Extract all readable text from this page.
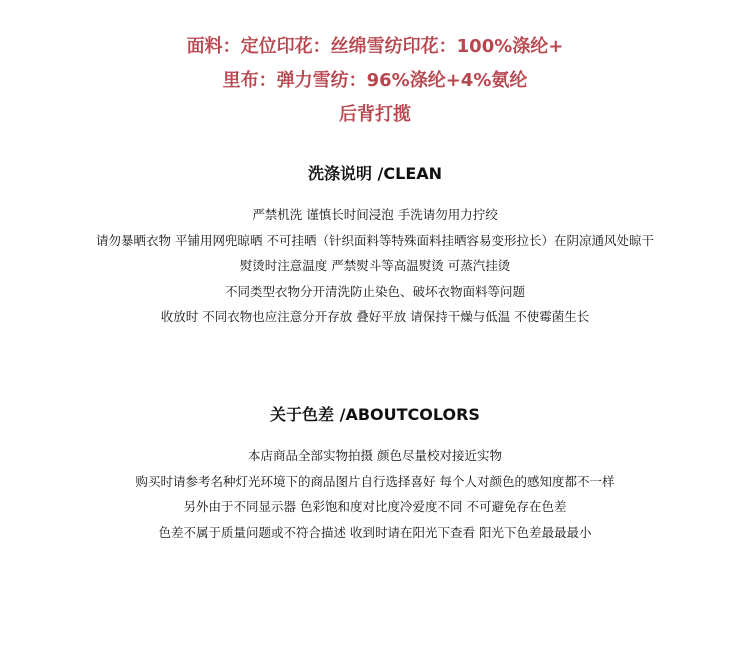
面料：定位印花：丝绵雪纺印花：100%涤纶+
里布：弹力雪纺：96%涤纶+4%氨纶
后背打揽
洗涤说明 /CLEAN
严禁机洗 谨慎长时间浸泡 手洗请勿用力拧绞
请勿暴晒衣物 平铺用网兜晾晒 不可挂晒（针织面料等特殊面料挂晒容易变形拉长）在阴凉通风处晾干
熨烫时注意温度 严禁熨斗等高温熨烫 可蒸汽挂烫
不同类型衣物分开清洗防止染色、破坏衣物面料等问题
收放时 不同衣物也应注意分开存放 叠好平放 请保持干燥与低温 不使霉菌生长
关于色差 /ABOUTCOLORS
本店商品全部实物拍摄 颜色尽量校对接近实物
购买时请参考名种灯光环境下的商品图片自行选择喜好 每个人对颜色的感知度都不一样
另外由于不同显示器 色彩饱和度对比度冷爱度不同 不可避免存在色差
色差不属于质量问题或不符合描述 收到时请在阳光下查看 阳光下色差最最最小
